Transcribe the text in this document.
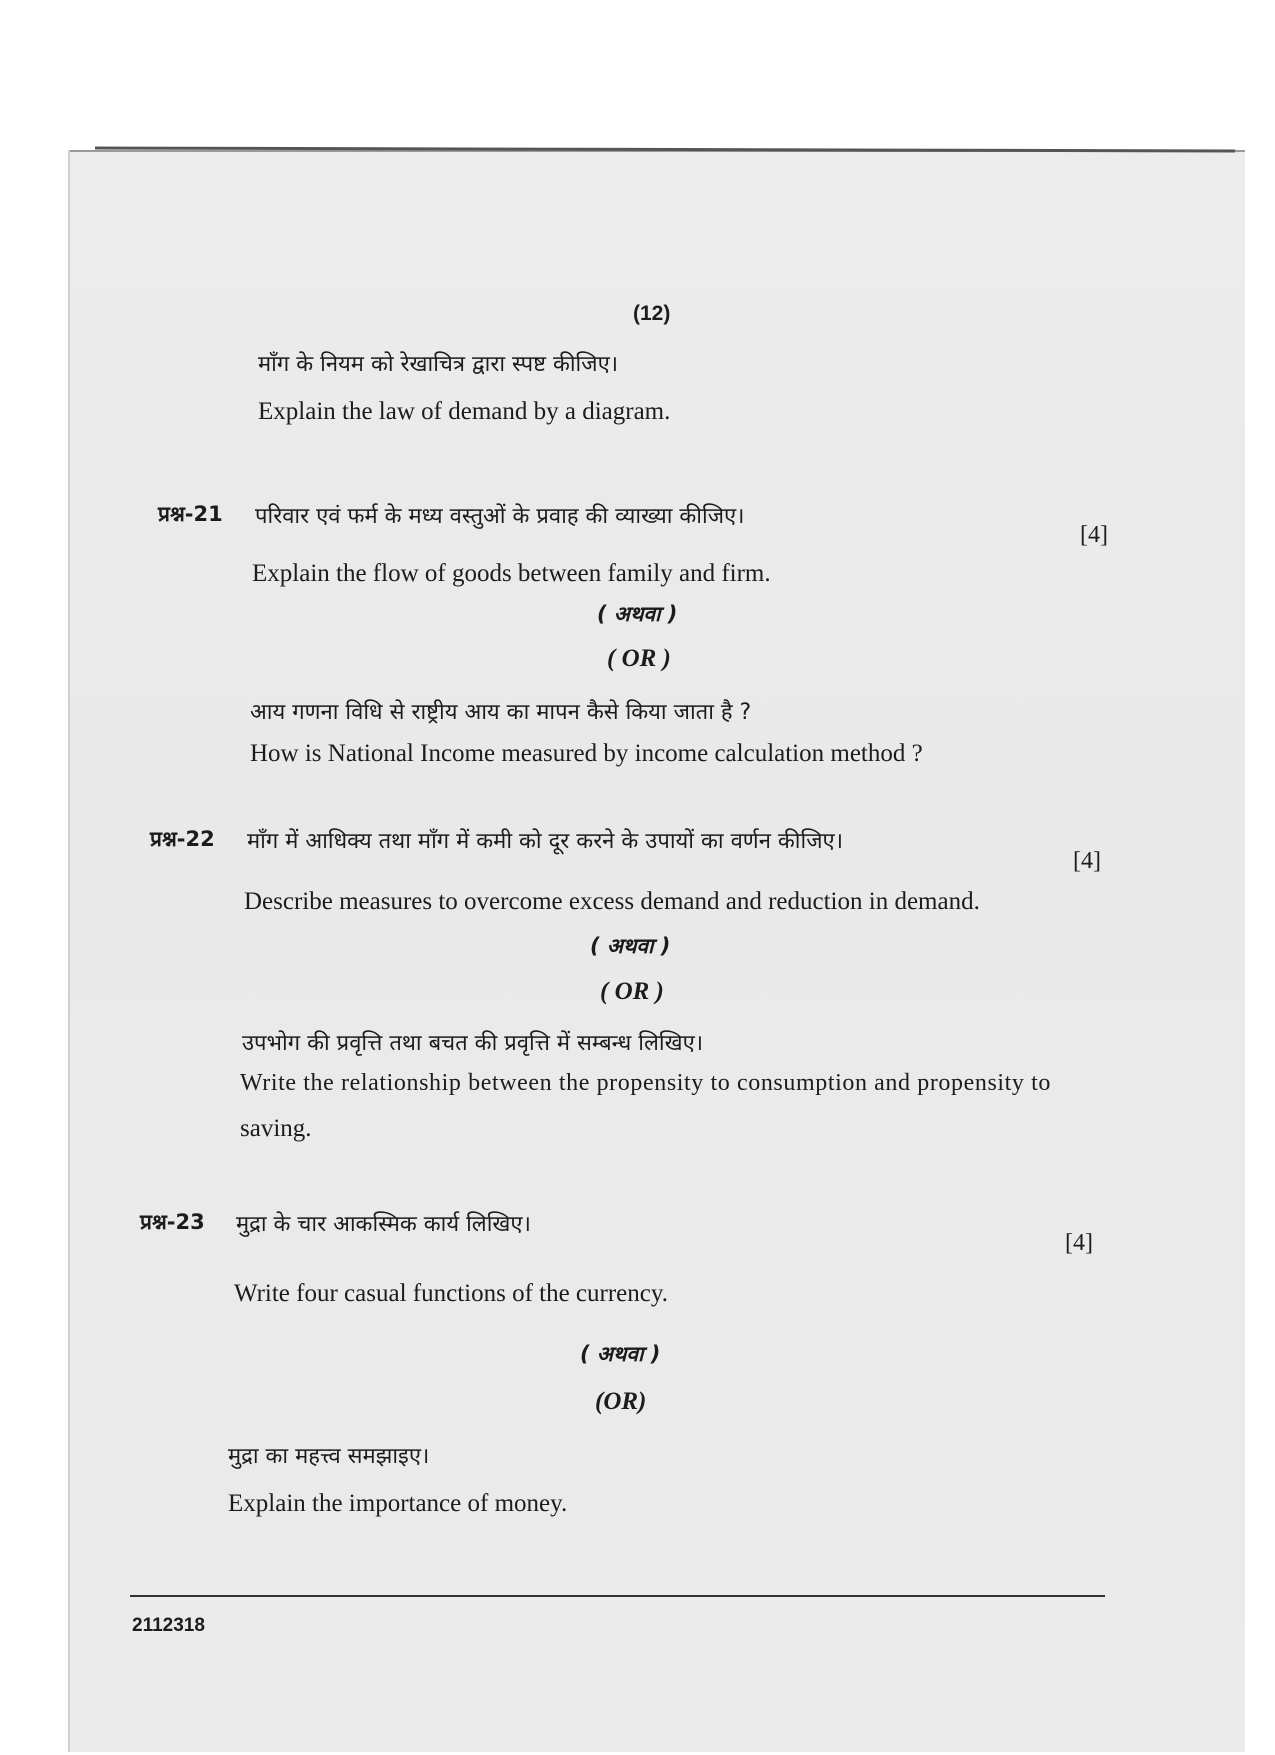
(12)
माँग के नियम को रेखाचित्र द्वारा स्पष्ट कीजिए।
Explain the law of demand by a diagram.
प्रश्न-21 परिवार एवं फर्म के मध्य वस्तुओं के प्रवाह की व्याख्या कीजिए।
[4]
Explain the flow of goods between family and firm.
( अथवा )
( OR )
आय गणना विधि से राष्ट्रीय आय का मापन कैसे किया जाता है ?
How is National Income measured by income calculation method ?
प्रश्न-22 माँग में आधिक्य तथा माँग में कमी को दूर करने के उपायों का वर्णन कीजिए।
[4]
Describe measures to overcome excess demand and reduction in demand.
( अथवा )
( OR )
उपभोग की प्रवृत्ति तथा बचत की प्रवृत्ति में सम्बन्ध लिखिए।
Write the relationship between the propensity to consumption and propensity to
saving.
प्रश्न-23 मुद्रा के चार आकस्मिक कार्य लिखिए।
[4]
Write four casual functions of the currency.
( अथवा )
(OR)
मुद्रा का महत्त्व समझाइए।
Explain the importance of money.
2112318
